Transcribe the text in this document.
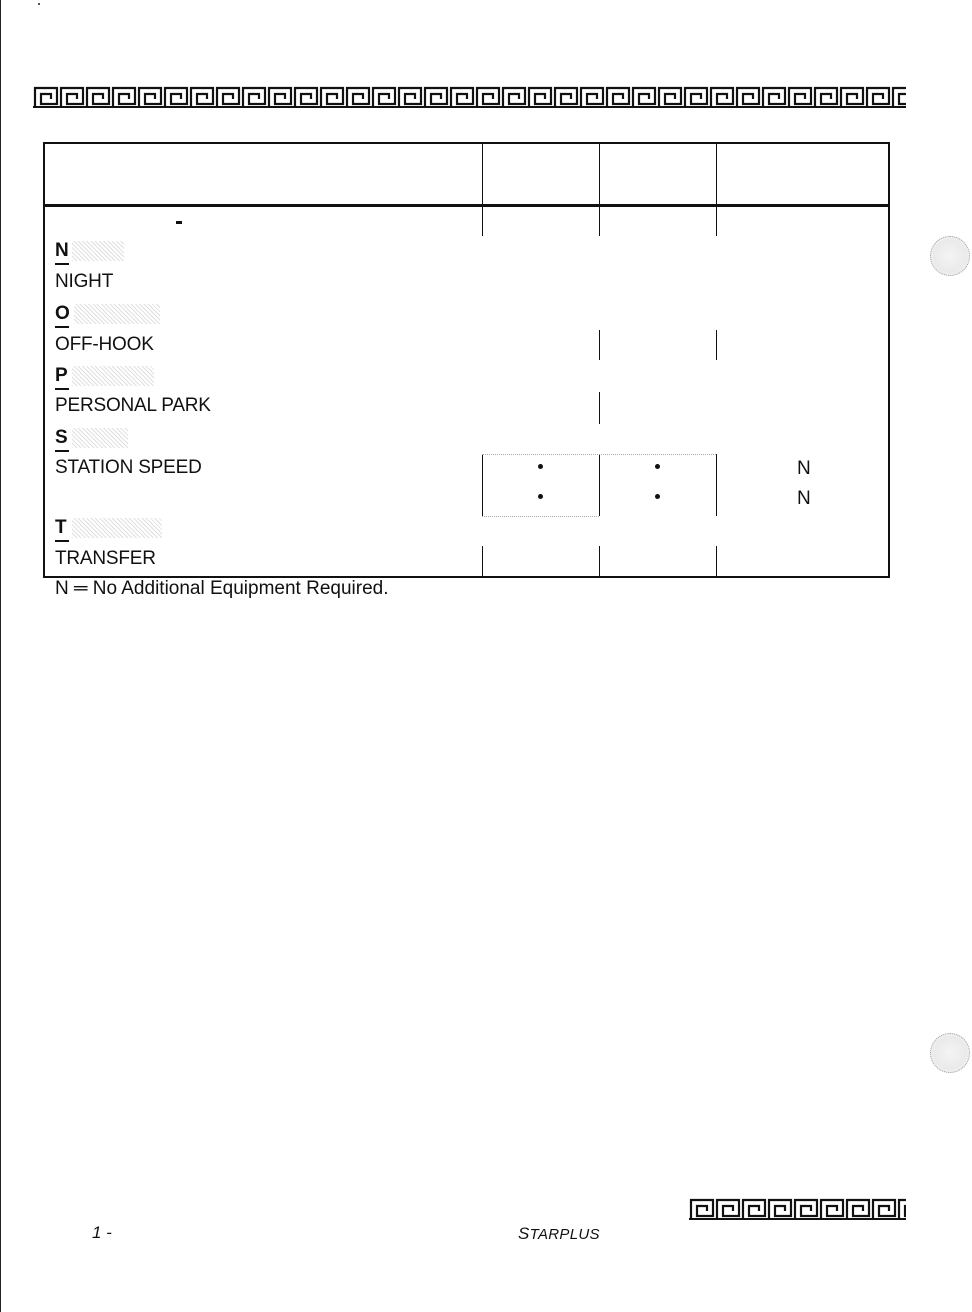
N
NIGHT
O
OFF-HOOK
P
PERSONAL PARK
S
STATION SPEED	N
N
T
TRANSFER
N ═ No Additional Equipment Required.
1 -	STARPLUS
